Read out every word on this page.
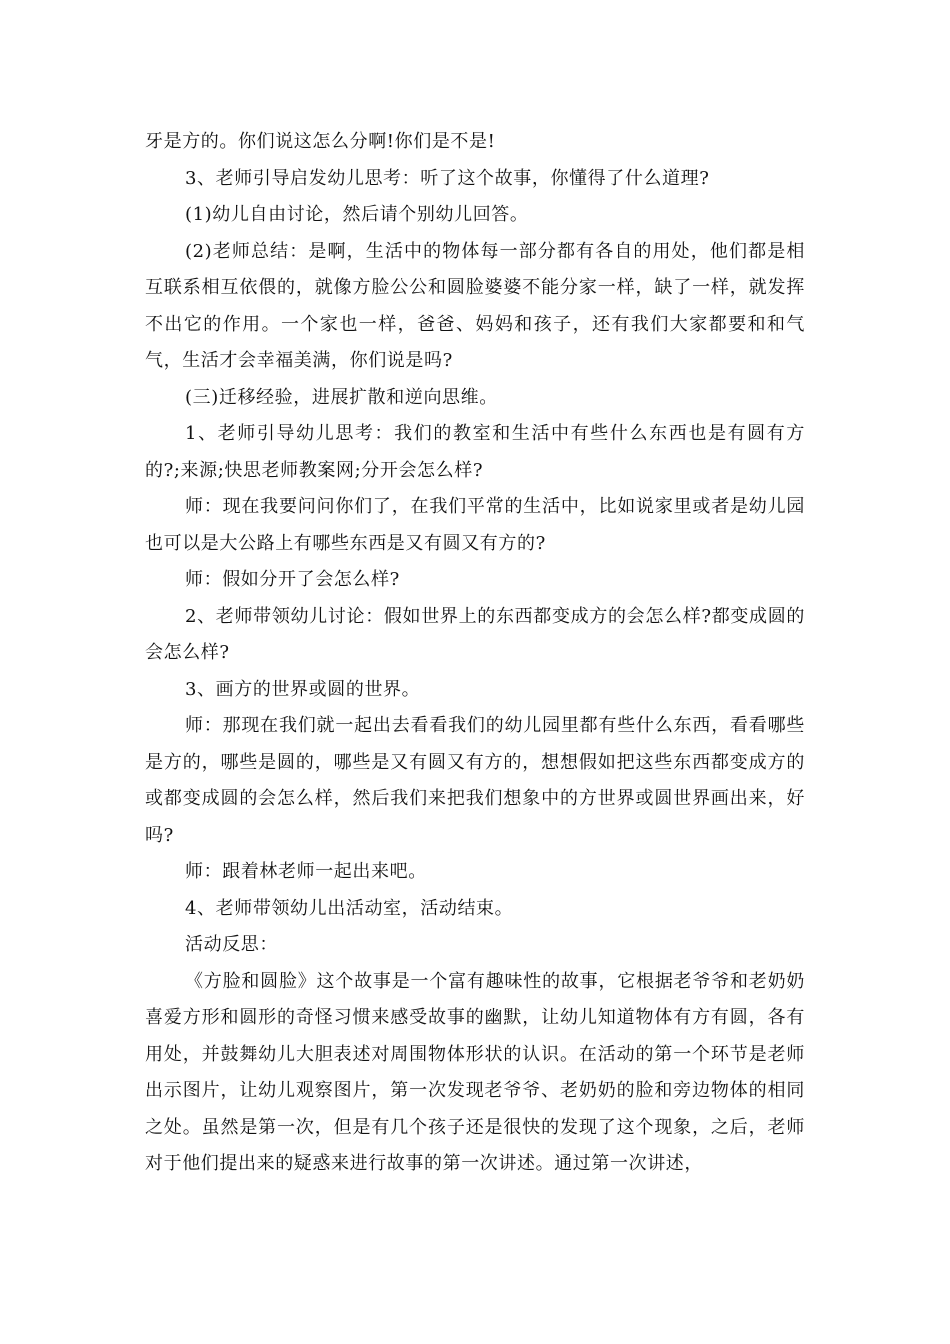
牙是方的。你们说这怎么分啊!你们是不是!

3、老师引导启发幼儿思考：听了这个故事，你懂得了什么道理?

(1)幼儿自由讨论，然后请个别幼儿回答。

(2)老师总结：是啊，生活中的物体每一部分都有各自的用处，他们都是相互联系相互依偎的，就像方脸公公和圆脸婆婆不能分家一样，缺了一样，就发挥不出它的作用。一个家也一样，爸爸、妈妈和孩子，还有我们大家都要和和气气，生活才会幸福美满，你们说是吗?

(三)迁移经验，进展扩散和逆向思维。

1、老师引导幼儿思考：我们的教室和生活中有些什么东西也是有圆有方的?;来源;快思老师教案网;分开会怎么样?

师：现在我要问问你们了，在我们平常的生活中，比如说家里或者是幼儿园也可以是大公路上有哪些东西是又有圆又有方的?

师：假如分开了会怎么样?

2、老师带领幼儿讨论：假如世界上的东西都变成方的会怎么样?都变成圆的会怎么样?

3、画方的世界或圆的世界。

师：那现在我们就一起出去看看我们的幼儿园里都有些什么东西，看看哪些是方的，哪些是圆的，哪些是又有圆又有方的，想想假如把这些东西都变成方的或都变成圆的会怎么样，然后我们来把我们想象中的方世界或圆世界画出来，好吗?

师：跟着林老师一起出来吧。

4、老师带领幼儿出活动室，活动结束。

活动反思：

《方脸和圆脸》这个故事是一个富有趣味性的故事，它根据老爷爷和老奶奶喜爱方形和圆形的奇怪习惯来感受故事的幽默，让幼儿知道物体有方有圆，各有用处，并鼓舞幼儿大胆表述对周围物体形状的认识。在活动的第一个环节是老师出示图片，让幼儿观察图片，第一次发现老爷爷、老奶奶的脸和旁边物体的相同之处。虽然是第一次，但是有几个孩子还是很快的发现了这个现象，之后，老师对于他们提出来的疑惑来进行故事的第一次讲述。通过第一次讲述，
